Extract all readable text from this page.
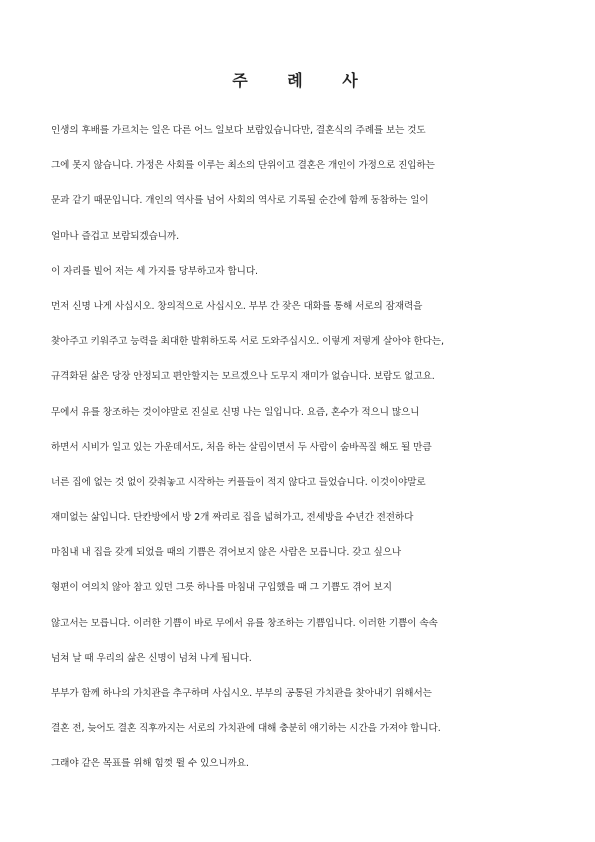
주 례 사
인생의 후배를 가르치는 일은 다른 어느 일보다 보람있습니다만, 결혼식의 주례를 보는 것도
그에 못지 않습니다. 가정은 사회를 이루는 최소의 단위이고 결혼은 개인이 가정으로 진입하는
문과 같기 때문입니다. 개인의 역사를 넘어 사회의 역사로 기록될 순간에 함께 동참하는 일이
얼마나 즐겁고 보람되겠습니까.
이 자리를 빌어 저는 세 가지를 당부하고자 합니다.
먼저 신명 나게 사십시오. 창의적으로 사십시오. 부부 간 잦은 대화를 통해 서로의 잠재력을
찾아주고 키워주고 능력을 최대한 발휘하도록 서로 도와주십시오. 이렇게 저렇게 살아야 한다는,
규격화된 삶은 당장 안정되고 편안할지는 모르겠으나 도무지 재미가 없습니다. 보람도 없고요.
무에서 유를 창조하는 것이야말로 진실로 신명 나는 일입니다. 요즘, 혼수가 적으니 많으니
하면서 시비가 일고 있는 가운데서도, 처음 하는 살림이면서 두 사람이 숨바꼭질 해도 될 만큼
너른 집에 없는 것 없이 갖춰놓고 시작하는 커플들이 적지 않다고 들었습니다. 이것이야말로
재미없는 삶입니다. 단칸방에서 방 2개 짜리로 집을 넓혀가고, 전세방을 수년간 전전하다
마침내 내 집을 갖게 되었을 때의 기쁨은 겪어보지 않은 사람은 모릅니다. 갖고 싶으나
형편이 여의치 않아 참고 있던 그릇 하나를 마침내 구입했을 때 그 기쁨도 겪어 보지
않고서는 모릅니다. 이러한 기쁨이 바로 무에서 유를 창조하는 기쁨입니다. 이러한 기쁨이 속속
넘쳐 날 때 우리의 삶은 신명이 넘쳐 나게 됩니다.
부부가 함께 하나의 가치관을 추구하며 사십시오. 부부의 공통된 가치관을 찾아내기 위해서는
결혼 전, 늦어도 결혼 직후까지는 서로의 가치관에 대해 충분히 얘기하는 시간을 가져야 합니다.
그래야 같은 목표를 위해 힘껏 뛸 수 있으니까요.
